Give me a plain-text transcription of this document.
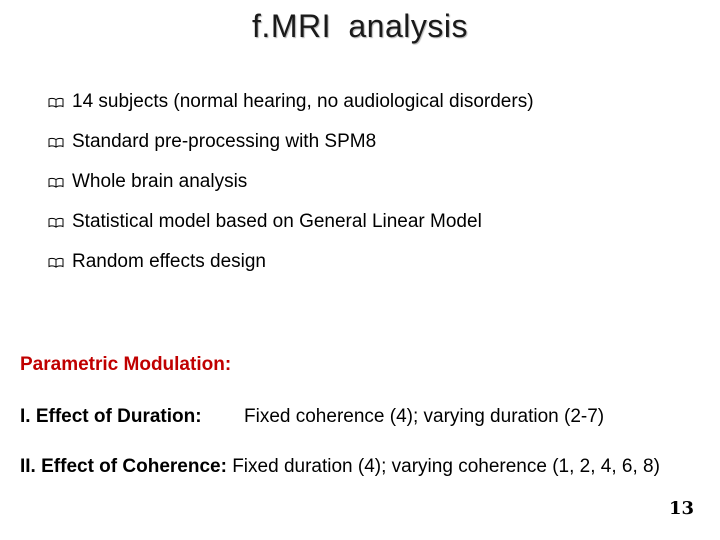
f.MRI analysis
14 subjects (normal hearing, no audiological disorders)
Standard pre-processing with SPM8
Whole brain analysis
Statistical model based on General Linear Model
Random effects design
Parametric Modulation:
I. Effect of Duration: Fixed coherence (4); varying duration (2-7)
II. Effect of Coherence: Fixed duration (4); varying coherence (1, 2, 4, 6, 8)
13
